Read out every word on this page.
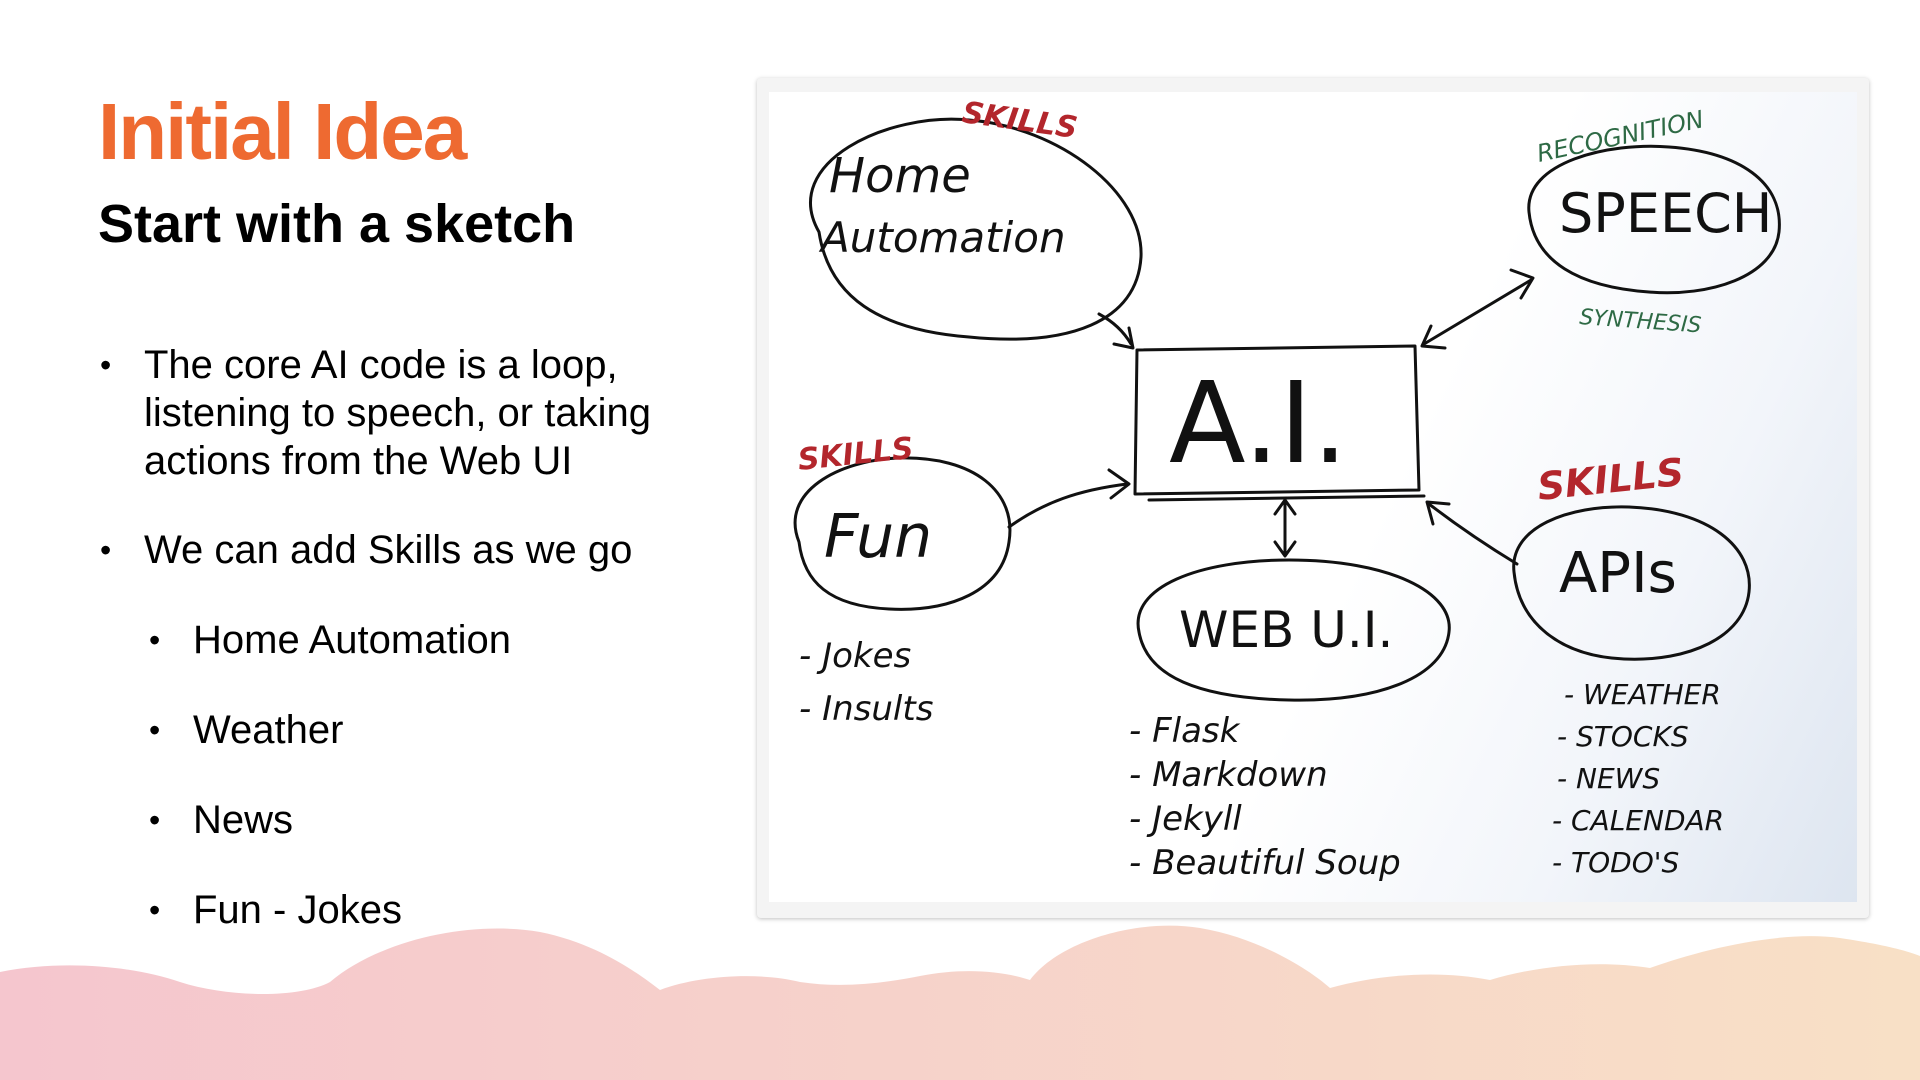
Initial Idea
Start with a sketch
• The core AI code is a loop,
listening to speech, or taking
actions from the Web UI
• We can add Skills as we go
• Home Automation
• Weather
• News
• Fun - Jokes
SKILLS
SKILLS	SKILLS
RECOGNITION
SYNTHESIS
Home
Automation	SPEECH
A.I.
Fun
WEB U.I.
APIs
- Jokes
- Insults
- Flask
- Markdown
- Jekyll
- Beautiful Soup
- WEATHER
- STOCKS
- NEWS
- CALENDAR
- TODO'S
